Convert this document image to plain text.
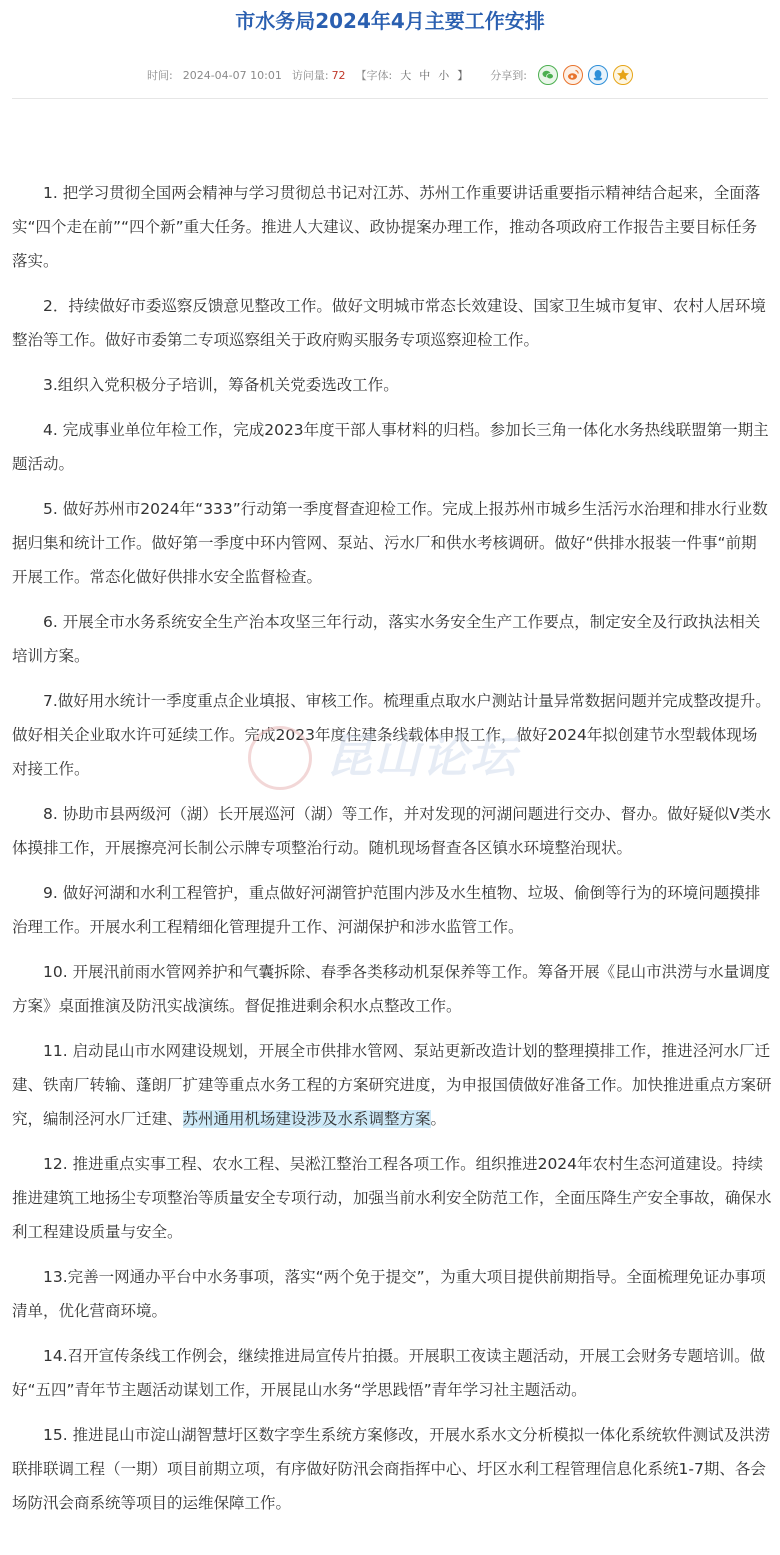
市水务局2024年4月主要工作安排
时间: 2024-04-07 10:01 访问量: 72 【字体: 大 中 小 】 分享到:

1. 把学习贯彻全国两会精神与学习贯彻总书记对江苏、苏州工作重要讲话重要指示精神结合起来，全面落实“四个走在前”“四个新”重大任务。推进人大建议、政协提案办理工作，推动各项政府工作报告主要目标任务落实。

2．持续做好市委巡察反馈意见整改工作。做好文明城市常态长效建设、国家卫生城市复审、农村人居环境整治等工作。做好市委第二专项巡察组关于政府购买服务专项巡察迎检工作。

3.组织入党积极分子培训，筹备机关党委选改工作。

4. 完成事业单位年检工作，完成2023年度干部人事材料的归档。参加长三角一体化水务热线联盟第一期主题活动。

5. 做好苏州市2024年“333”行动第一季度督查迎检工作。完成上报苏州市城乡生活污水治理和排水行业数据归集和统计工作。做好第一季度中环内管网、泵站、污水厂和供水考核调研。做好“供排水报装一件事“前期开展工作。常态化做好供排水安全监督检查。

6. 开展全市水务系统安全生产治本攻坚三年行动，落实水务安全生产工作要点，制定安全及行政执法相关培训方案。

7.做好用水统计一季度重点企业填报、审核工作。梳理重点取水户测站计量异常数据问题并完成整改提升。做好相关企业取水许可延续工作。完成2023年度住建条线载体申报工作，做好2024年拟创建节水型载体现场对接工作。

8. 协助市县两级河（湖）长开展巡河（湖）等工作，并对发现的河湖问题进行交办、督办。做好疑似V类水体摸排工作，开展擦亮河长制公示牌专项整治行动。随机现场督查各区镇水环境整治现状。

9. 做好河湖和水利工程管护，重点做好河湖管护范围内涉及水生植物、垃圾、偷倒等行为的环境问题摸排治理工作。开展水利工程精细化管理提升工作、河湖保护和涉水监管工作。

10. 开展汛前雨水管网养护和气囊拆除、春季各类移动机泵保养等工作。筹备开展《昆山市洪涝与水量调度方案》桌面推演及防汛实战演练。督促推进剩余积水点整改工作。

11. 启动昆山市水网建设规划，开展全市供排水管网、泵站更新改造计划的整理摸排工作，推进泾河水厂迁建、铁南厂转输、蓬朗厂扩建等重点水务工程的方案研究进度，为申报国债做好准备工作。加快推进重点方案研究，编制泾河水厂迁建、苏州通用机场建设涉及水系调整方案。

12. 推进重点实事工程、农水工程、吴淞江整治工程各项工作。组织推进2024年农村生态河道建设。持续推进建筑工地扬尘专项整治等质量安全专项行动，加强当前水利安全防范工作，全面压降生产安全事故，确保水利工程建设质量与安全。

13.完善一网通办平台中水务事项，落实“两个免于提交”，为重大项目提供前期指导。全面梳理免证办事项清单，优化营商环境。

14.召开宣传条线工作例会，继续推进局宣传片拍摄。开展职工夜读主题活动，开展工会财务专题培训。做好“五四”青年节主题活动谋划工作，开展昆山水务“学思践悟”青年学习社主题活动。

15. 推进昆山市淀山湖智慧圩区数字孪生系统方案修改，开展水系水文分析模拟一体化系统软件测试及洪涝联排联调工程（一期）项目前期立项，有序做好防汛会商指挥中心、圩区水利工程管理信息化系统1-7期、各会场防汛会商系统等项目的运维保障工作。

昆山论坛
